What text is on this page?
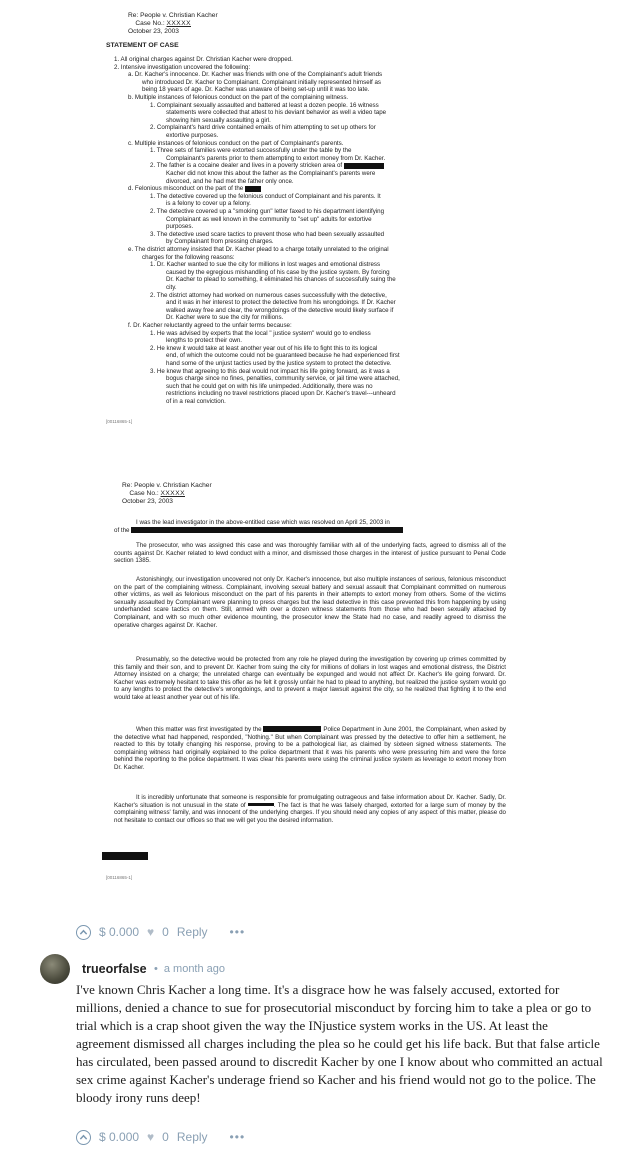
Re: People v. Christian Kacher
Case No.: XXXXX
October 23, 2003
STATEMENT OF CASE
1. All original charges against Dr. Christian Kacher were dropped.
2. Intensive investigation uncovered the following:
a. Dr. Kacher's innocence. Dr. Kacher was friends with one of the Complainant's adult friends
who introduced Dr. Kacher to Complainant. Complainant initially represented himself as
being 18 years of age. Dr. Kacher was unaware of being set-up until it was too late.
b. Multiple instances of felonious conduct on the part of the complaining witness.
1. Complainant sexually assaulted and battered at least a dozen people. 16 witness
statements were collected that attest to his deviant behavior as well a video tape
showing him sexually assaulting a girl.
2. Complainant's hard drive contained emails of him attempting to set up others for
extortive purposes.
c. Multiple instances of felonious conduct on the part of Complainant's parents.
1. Three sets of families were extorted successfully under the table by the
Complainant's parents prior to them attempting to extort money from Dr. Kacher.
2. The father is a cocaine dealer and lives in a poverty stricken area of
Kacher did not know this about the father as the Complainant's parents were
divorced, and he had met the father only once.
d. Felonious misconduct on the part of the
1. The detective covered up the felonious conduct of Complainant and his parents. It
is a felony to cover up a felony.
2. The detective covered up a "smoking gun" letter faxed to his department identifying
Complainant as well known in the community to "set up" adults for extortive
purposes.
3. The detective used scare tactics to prevent those who had been sexually assaulted
by Complainant from pressing charges.
e. The district attorney insisted that Dr. Kacher plead to a charge totally unrelated to the original
charges for the following reasons:
1. Dr. Kacher wanted to sue the city for millions in lost wages and emotional distress
caused by the egregious mishandling of his case by the justice system. By forcing
Dr. Kacher to plead to something, it eliminated his chances of successfully suing the
city.
2. The district attorney had worked on numerous cases successfully with the detective,
and it was in her interest to protect the detective from his wrongdoings. If Dr. Kacher
walked away free and clear, the wrongdoings of the detective would likely surface if
Dr. Kacher were to sue the city for millions.
f. Dr. Kacher reluctantly agreed to the unfair terms because:
1. He was advised by experts that the local " justice system" would go to endless
lengths to protect their own.
2. He knew it would take at least another year out of his life to fight this to its logical
end, of which the outcome could not be guaranteed because he had experienced first
hand some of the unjust tactics used by the justice system to protect the detective.
3. He knew that agreeing to this deal would not impact his life going forward, as it was a
bogus charge since no fines, penalties, community service, or jail time were attached,
such that he could get on with his life unimpeded. Additionally, there was no
restrictions including no travel restrictions placed upon Dr. Kacher's travel---unheard
of in a real conviction.
[00116865-1]
Re: People v. Christian Kacher
Case No.: XXXXX
October 23, 2003
I was the lead investigator in the above-entitled case which was resolved on April 25, 2003 in
of the
The prosecutor, who was assigned this case and was thoroughly familiar with all of the underlying facts, agreed to dismiss all of the counts against Dr. Kacher related to lewd conduct with a minor, and dismissed those charges in the interest of justice pursuant to Penal Code section 1385.
Astonishingly, our investigation uncovered not only Dr. Kacher's innocence, but also multiple instances of serious, felonious misconduct on the part of the complaining witness. Complainant, involving sexual battery and sexual assault that Complainant committed on numerous other victims, as well as felonious misconduct on the part of his parents in their attempts to extort money from others. Some of the victims sexually assaulted by Complainant were planning to press charges but the lead detective in this case prevented this from happening by using underhanded scare tactics on them. Still, armed with over a dozen witness statements from those who had been sexually attacked by Complainant, and with so much other evidence mounting, the prosecutor knew the State had no case, and readily agreed to dismiss the operative charges against Dr. Kacher.
Presumably, so the detective would be protected from any role he played during the investigation by covering up crimes committed by this family and their son, and to prevent Dr. Kacher from suing the city for millions of dollars in lost wages and emotional distress, the District Attorney insisted on a charge; the unrelated charge can eventually be expunged and would not affect Dr. Kacher's life going forward. Dr. Kacher was extremely hesitant to take this offer as he felt it grossly unfair he had to plead to anything, but realized the justice system would go to any lengths to protect the detective's wrongdoings, and to prevent a major lawsuit against the city, so he realized that fighting it to the end would take at least another year out of his life.
When this matter was first investigated by the	Police Department in June 2001, the Complainant, when asked by the detective what had happened, responded, "Nothing." But when Complainant was pressed by the detective to offer him a settlement, he reacted to this by totally changing his response, proving to be a pathological liar, as claimed by sixteen signed witness statements. The complaining witness had originally explained to the police department that it was his parents who were pressuring him and were the force behind the reporting to the police department. It was clear his parents were using the criminal justice system as leverage to extort money from Dr. Kacher.
It is incredibly unfortunate that someone is responsible for promulgating outrageous and false information about Dr. Kacher. Sadly, Dr. Kacher's situation is not unusual in the state of	. The fact is that he was falsely charged, extorted for a large sum of money by the complaining witness' family, and was innocent of the underlying charges. If you should need any copies of any aspect of this matter, please do not hesitate to contact our offices so that we will get you the desired information.
[00116865-1]
$ 0.000 ♥ 0 Reply •••
trueorfalse • a month ago
I've known Chris Kacher a long time. It's a disgrace how he was falsely accused, extorted for millions, denied a chance to sue for prosecutorial misconduct by forcing him to take a plea or go to trial which is a crap shoot given the way the INjustice system works in the US. At least the agreement dismissed all charges including the plea so he could get his life back. But that false article has circulated, been passed around to discredit Kacher by one I know about who committed an actual sex crime against Kacher's underage friend so Kacher and his friend would not go to the police. The bloody irony runs deep!
$ 0.000 ♥ 0 Reply •••
